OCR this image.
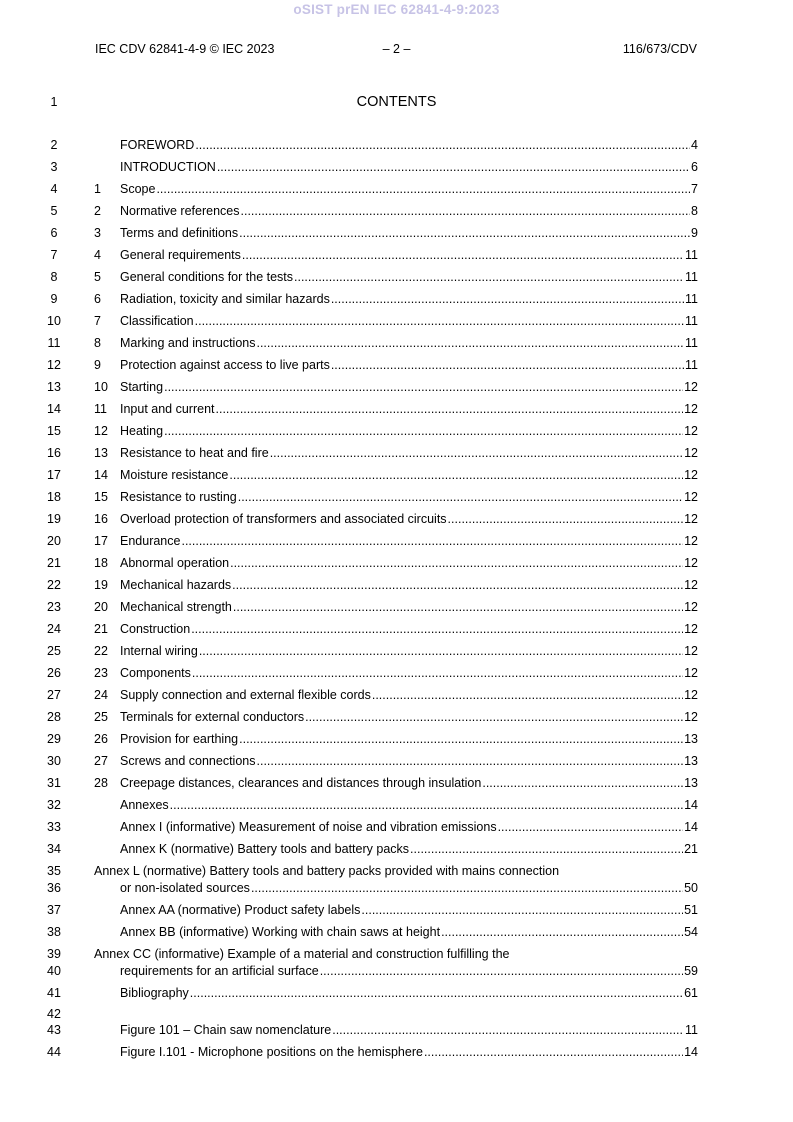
oSIST prEN IEC 62841-4-9:2023
IEC CDV 62841-4-9 © IEC 2023	– 2 –	116/673/CDV
1	CONTENTS
2	FOREWORD .....	4
3	INTRODUCTION .....	6
4	1	Scope .....	7
5	2	Normative references .....	8
6	3	Terms and definitions .....	9
7	4	General requirements .....	11
8	5	General conditions for the tests .....	11
9	6	Radiation, toxicity and similar hazards .....	11
10	7	Classification .....	11
11	8	Marking and instructions .....	11
12	9	Protection against access to live parts .....	11
13	10 Starting .....	12
14	11	Input and current .....	12
15	12 Heating .....	12
16	13 Resistance to heat and fire .....	12
17	14 Moisture resistance .....	12
18	15 Resistance to rusting .....	12
19	16 Overload protection of transformers and associated circuits .....	12
20	17 Endurance .....	12
21	18 Abnormal operation .....	12
22	19 Mechanical hazards .....	12
23	20 Mechanical strength .....	12
24	21 Construction .....	12
25	22 Internal wiring .....	12
26	23 Components .....	12
27	24 Supply connection and external flexible cords .....	12
28	25 Terminals for external conductors .....	12
29	26 Provision for earthing .....	13
30	27 Screws and connections .....	13
31	28 Creepage distances, clearances and distances through insulation .....	13
32	Annexes .....	14
33	Annex I (informative) Measurement of noise and vibration emissions .....	14
34	Annex K (normative) Battery tools and battery packs .....	21
35	Annex L (normative) Battery tools and battery packs provided with mains connection
36	or non-isolated sources .....	50
37	Annex AA (normative) Product safety labels .....	51
38	Annex BB (informative) Working with chain saws at height .....	54
39	Annex CC (informative) Example of a material and construction fulfilling the
40	requirements for an artificial surface .....	59
41	Bibliography .....	61
42
43	Figure 101 – Chain saw nomenclature .....	11
44	Figure I.101 - Microphone positions on the hemisphere .....	14
